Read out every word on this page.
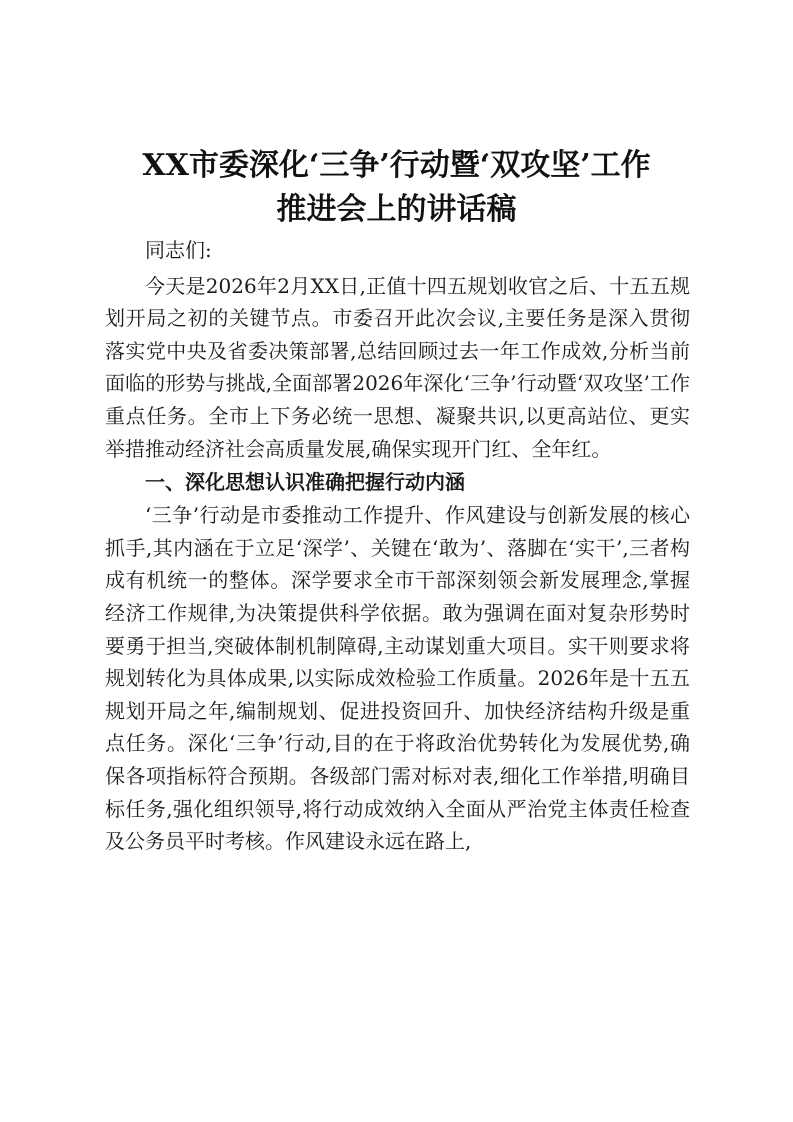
XX市委深化‘三争’行动暨‘双攻坚’工作
推进会上的讲话稿

同志们:

今天是2026年2月XX日,正值十四五规划收官之后、十五五规划开局之初的关键节点。市委召开此次会议,主要任务是深入贯彻落实党中央及省委决策部署,总结回顾过去一年工作成效,分析当前面临的形势与挑战,全面部署2026年深化‘三争’行动暨‘双攻坚’工作重点任务。全市上下务必统一思想、凝聚共识,以更高站位、更实举措推动经济社会高质量发展,确保实现开门红、全年红。

一、深化思想认识准确把握行动内涵

‘三争’行动是市委推动工作提升、作风建设与创新发展的核心抓手,其内涵在于立足‘深学’、关键在‘敢为’、落脚在‘实干’,三者构成有机统一的整体。深学要求全市干部深刻领会新发展理念,掌握经济工作规律,为决策提供科学依据。敢为强调在面对复杂形势时要勇于担当,突破体制机制障碍,主动谋划重大项目。实干则要求将规划转化为具体成果,以实际成效检验工作质量。2026年是十五五规划开局之年,编制规划、促进投资回升、加快经济结构升级是重点任务。深化‘三争’行动,目的在于将政治优势转化为发展优势,确保各项指标符合预期。各级部门需对标对表,细化工作举措,明确目标任务,强化组织领导,将行动成效纳入全面从严治党主体责任检查及公务员平时考核。作风建设永远在路上,
